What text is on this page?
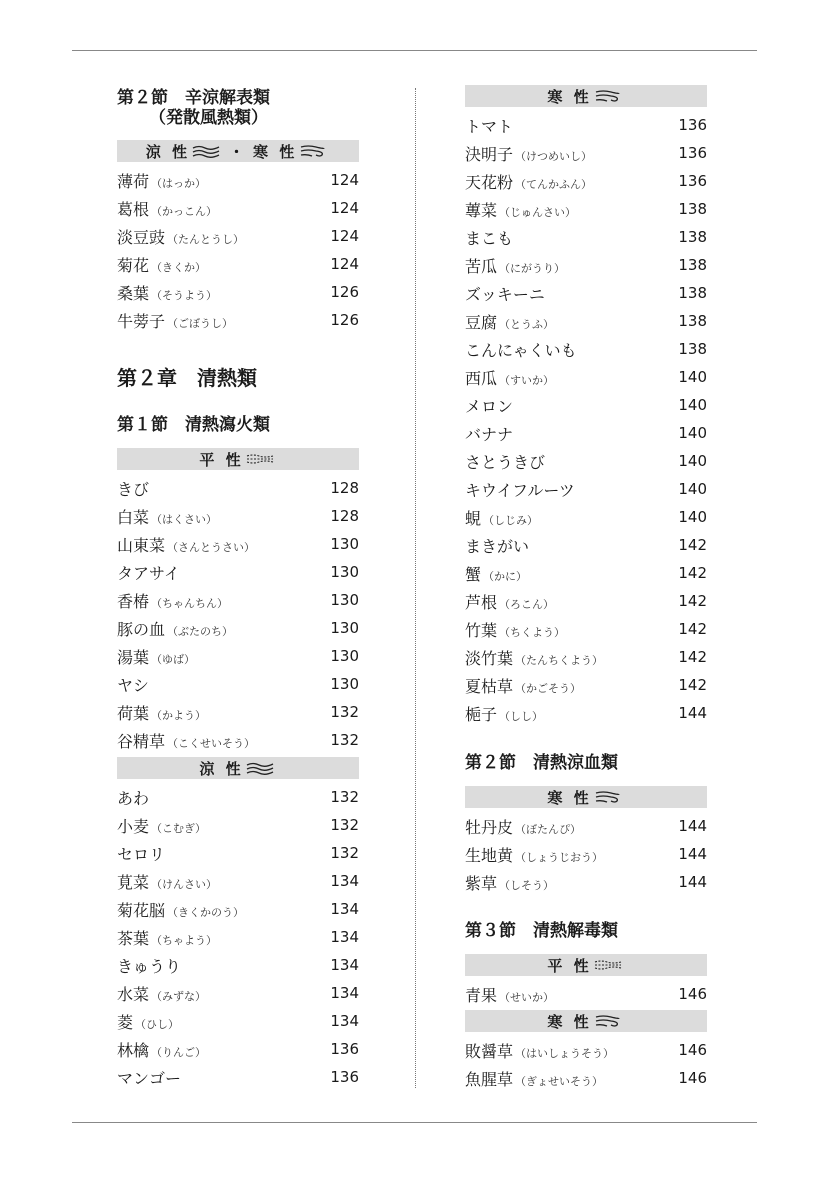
第２節　辛涼解表類
（発散風熱類）
涼 性	・ 寒 性
薄荷 （はっか）	124
葛根 （かっこん）	124
淡豆豉 （たんとうし）	124
菊花 （きくか）	124
桑葉 （そうよう）	126
牛蒡子 （ごぼうし）	126
第２章　清熱類
第１節　清熱瀉火類
平 性
きび	128
白菜 （はくさい）	128
山東菜 （さんとうさい）	130
タアサイ	130
香椿 （ちゃんちん）	130
豚の血 （ぶたのち）	130
湯葉 （ゆば）	130
ヤシ	130
荷葉 （かよう）	132
谷精草 （こくせいそう）	132
涼 性
あわ	132
小麦 （こむぎ）	132
セロリ	132
莧菜 （けんさい）	134
菊花脳 （きくかのう）	134
茶葉 （ちゃよう）	134
きゅうり	134
水菜 （みずな）	134
菱 （ひし）	134
林檎 （りんご）	136
マンゴー	136
寒 性
トマト	136
決明子 （けつめいし）	136
天花粉 （てんかふん）	136
蓴菜 （じゅんさい）	138
まこも	138
苦瓜 （にがうり）	138
ズッキーニ	138
豆腐 （とうふ）	138
こんにゃくいも	138
西瓜 （すいか）	140
メロン	140
バナナ	140
さとうきび	140
キウイフルーツ	140
蜆 （しじみ）	140
まきがい	142
蟹 （かに）	142
芦根 （ろこん）	142
竹葉 （ちくよう）	142
淡竹葉 （たんちくよう）	142
夏枯草 （かごそう）	142
梔子 （しし）	144
第２節　清熱涼血類
寒 性
牡丹皮 （ぼたんぴ）	144
生地黄 （しょうじおう）	144
紫草 （しそう）	144
第３節　清熱解毒類
平 性
青果 （せいか）	146
寒 性
敗醤草 （はいしょうそう）	146
魚腥草 （ぎょせいそう）	146
